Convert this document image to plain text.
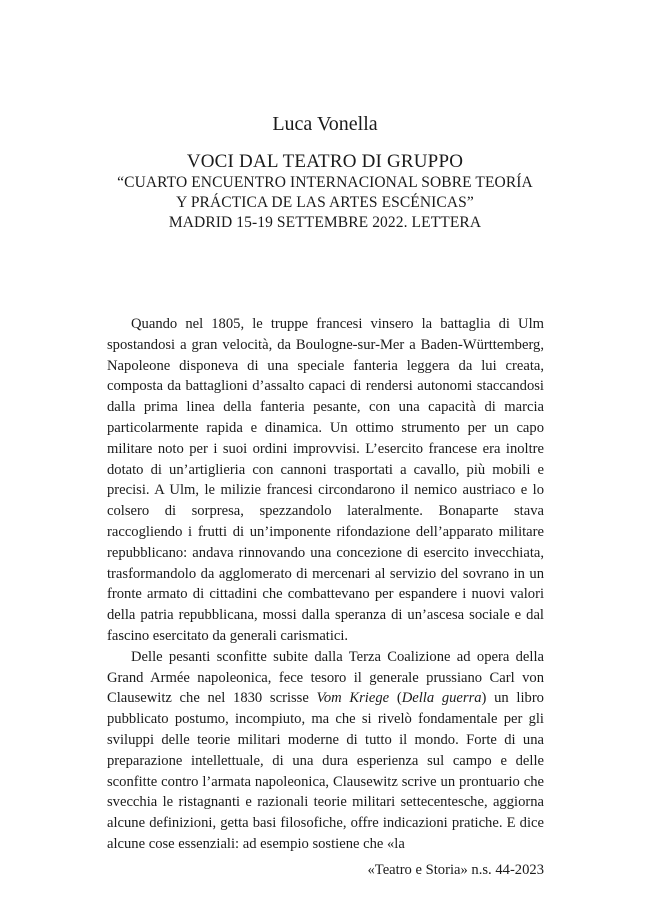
Luca Vonella
VOCI DAL TEATRO DI GRUPPO
“CUARTO ENCUENTRO INTERNACIONAL SOBRE TEORÍA
Y PRÁCTICA DE LAS ARTES ESCÉNICAS”
MADRID 15-19 SETTEMBRE 2022. LETTERA

Quando nel 1805, le truppe francesi vinsero la battaglia di Ulm spostandosi a gran velocità, da Boulogne-sur-Mer a Baden-Württemberg, Napoleone disponeva di una speciale fanteria leggera da lui creata, composta da battaglioni d’assalto capaci di rendersi autonomi staccandosi dalla prima linea della fanteria pesante, con una capacità di marcia particolarmente rapida e dinamica. Un ottimo strumento per un capo militare noto per i suoi ordini improvvisi. L’esercito francese era inoltre dotato di un’artiglieria con cannoni trasportati a cavallo, più mobili e precisi. A Ulm, le milizie francesi circondarono il nemico austriaco e lo colsero di sorpresa, spezzandolo lateralmente. Bonaparte stava raccogliendo i frutti di un’imponente rifondazione dell’apparato militare repubblicano: andava rinnovando una concezione di esercito invecchiata, trasformandolo da agglomerato di mercenari al servizio del sovrano in un fronte armato di cittadini che combattevano per espandere i nuovi valori della patria repubblicana, mossi dalla speranza di un’ascesa sociale e dal fascino esercitato da generali carismatici.

Delle pesanti sconfitte subite dalla Terza Coalizione ad opera della Grand Armée napoleonica, fece tesoro il generale prussiano Carl von Clausewitz che nel 1830 scrisse Vom Kriege (Della guerra) un libro pubblicato postumo, incompiuto, ma che si rivelò fondamentale per gli sviluppi delle teorie militari moderne di tutto il mondo. Forte di una preparazione intellettuale, di una dura esperienza sul campo e delle sconfitte contro l’armata napoleonica, Clausewitz scrive un prontuario che svecchia le ristagnanti e razionali teorie militari settecentesche, aggiorna alcune definizioni, getta basi filosofiche, offre indicazioni pratiche. E dice alcune cose essenziali: ad esempio sostiene che «la

«Teatro e Storia» n.s. 44-2023
